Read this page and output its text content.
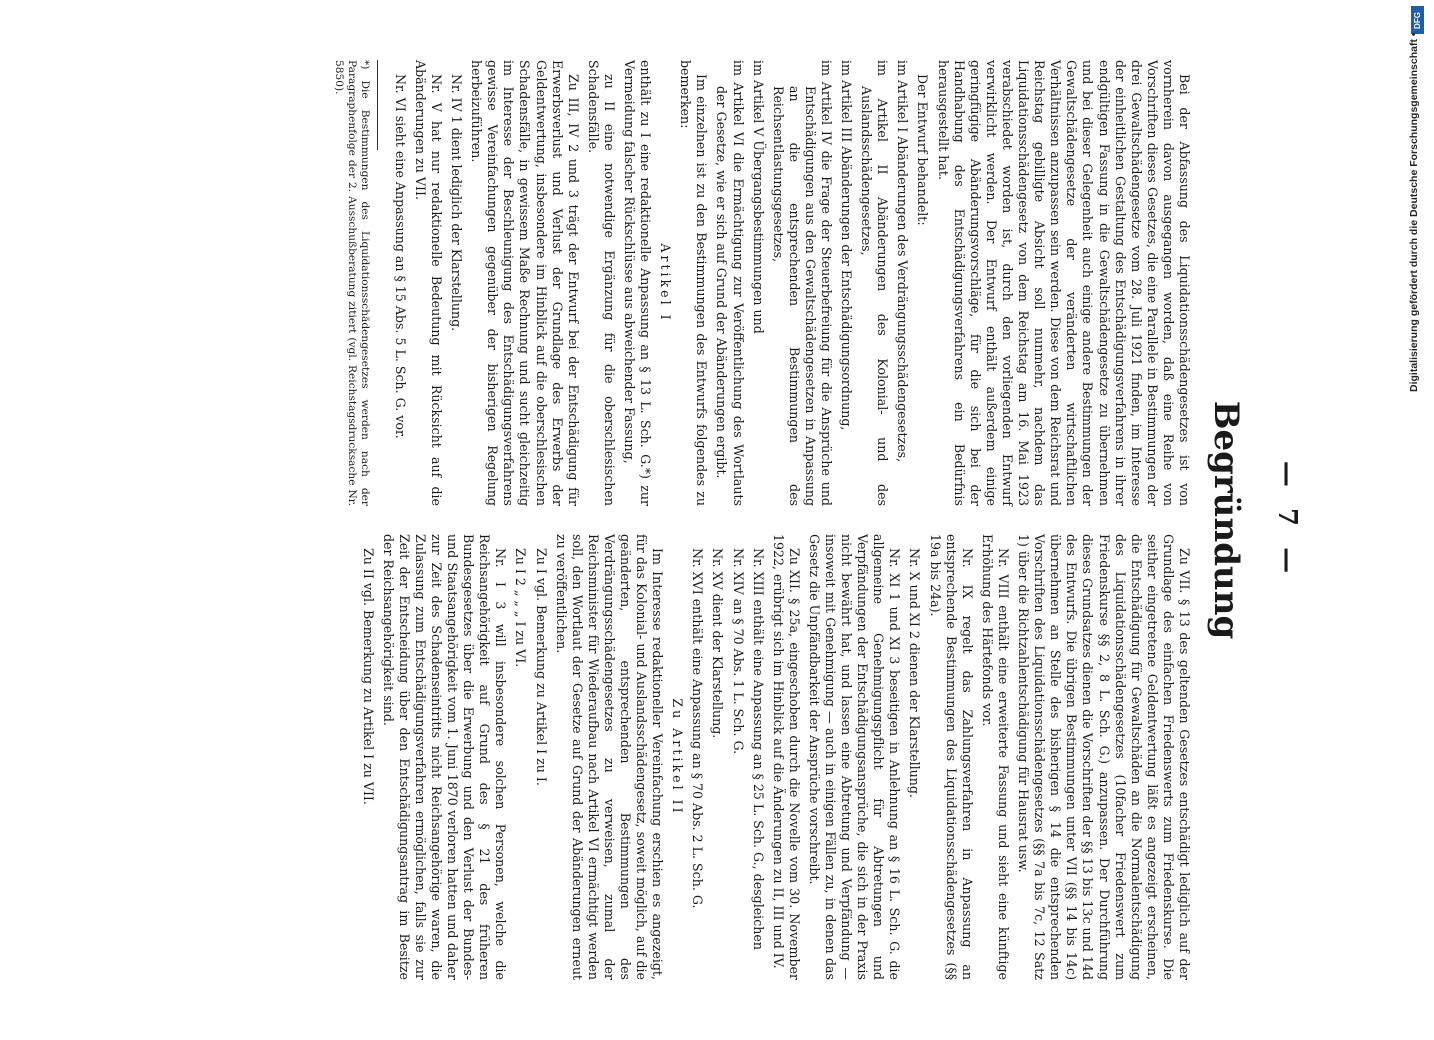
— 7 —
Begründung

Bei der Abfassung des Liquidationsschädengesetzes ist von vornherein davon ausgegangen worden, daß eine Reihe von Vorschriften dieses Gesetzes, die eine Parallele in Bestimmungen der drei Gewaltschädengesetze vom 28. Juli 1921 finden, im Interesse der einheitlichen Gestaltung des Entschädigungsverfahrens in ihrer endgültigen Fassung in die Gewaltschädengesetze zu übernehmen und bei dieser Gelegenheit auch einige andere Bestimmungen der Gewaltschädengesetze der veränderten wirtschaftlichen Verhältnissen anzupassen sein werden. Diese von dem Reichsrat und Reichstag gebilligte Absicht soll nunmehr, nachdem das Liquidationsschädengesetz von dem Reichstag am 16. Mai 1923 verabschiedet worden ist, durch den vorliegenden Entwurf verwirklicht werden. Der Entwurf enthält außerdem einige geringfügige Abänderungsvorschläge, für die sich bei der Handhabung des Entschädigungsverfahrens ein Bedürfnis herausgestellt hat.

Der Entwurf behandelt:

im Artikel I Abänderungen des Verdrängungsschädengesetzes,
im Artikel II Abänderungen des Kolonial- und des Auslandsschädengesetzes,
im Artikel III Abänderungen der Entschädigungsordnung,
im Artikel IV die Frage der Steuerbefreiung für die Ansprüche und Entschädigungen aus den Gewaltschädengesetzen in Anpassung an die entsprechenden Bestimmungen des Reichsentlastungsgesetzes,
im Artikel V Übergangsbestimmungen und
im Artikel VI die Ermächtigung zur Veröffentlichung des Wortlauts der Gesetze, wie er sich auf Grund der Abänderungen ergibt.

Im einzelnen ist zu den Bestimmungen des Entwurfs folgendes zu bemerken:

Artikel I

enthält zu I eine redaktionelle Anpassung an § 13 L. Sch. G.*) zur Vermeidung falscher Rückschlüsse aus abweichender Fassung,

zu II eine notwendige Ergänzung für die oberschlesischen Schadensfälle.

Zu III, IV 2 und 3 trägt der Entwurf bei der Entschädigung für Erwerbsverlust und Verlust der Grundlage des Erwerbs der Geldentwertung, insbesondere im Hinblick auf die oberschlesischen Schadensfälle, in gewissem Maße Rechnung und sucht gleichzeitig im Interesse der Beschleunigung des Entschädigungsverfahrens gewisse Vereinfachungen gegenüber der bisherigen Regelung herbeizuführen.

Nr. IV 1 dient lediglich der Klarstellung.

Nr. V hat nur redaktionelle Bedeutung mit Rücksicht auf die Abänderungen zu VII.

Nr. VI sieht eine Anpassung an § 15 Abs. 5 L. Sch. G. vor.

*) Die Bestimmungen des Liquidationsschädengesetzes werden nach der Paragraphenfolge der 2. Ausschußberatung zitiert (vgl. Reichstagsdrucksache Nr. 5850).

Zu VII. § 13 des geltenden Gesetzes entschädigt lediglich auf der Grundlage des einfachen Friedenswerts zum Friedenskurse. Die seither eingetretene Geldentwertung läßt es angezeigt erscheinen, die Entschädigung für Gewaltschäden an die Normalentschädigung des Liquidationsschädengesetzes (10facher Friedenswert zum Friedenskurse §§ 2, 8 L. Sch. G.) anzupassen. Der Durchführung dieses Grundsatzes dienen die Vorschriften der §§ 13 bis 13c und 14d des Entwurfs. Die übrigen Bestimmungen unter VII (§§ 14 bis 14c) übernehmen an Stelle des bisherigen § 14 die entsprechenden Vorschriften des Liquidationsschädengesetzes (§§ 7a bis 7c, 12 Satz 1) über die Richtzahlentschädigung für Hausrat usw.

Nr. VIII enthält eine erweiterte Fassung und sieht eine künftige Erhöhung des Härtefonds vor.

Nr. IX regelt das Zahlungsverfahren in Anpassung an entsprechende Bestimmungen des Liquidationsschädengesetzes (§§ 19a bis 24a).

Nr. X und XI 2 dienen der Klarstellung.

Nr. XI 1 und XI 3 beseitigen in Anlehnung an § 16 L. Sch. G. die allgemeine Genehmigungspflicht für Abtretungen und Verpfändungen der Entschädigungsansprüche, die sich in der Praxis nicht bewährt hat, und lassen eine Abtretung und Verpfändung — insoweit mit Genehmigung — auch in einigen Fällen zu, in denen das Gesetz die Unpfändbarkeit der Ansprüche vorschreibt.

Zu XII. § 25a, eingeschoben durch die Novelle vom 30. November 1922, erübrigt sich im Hinblick auf die Änderungen zu II, III und IV.

Nr. XIII enthält eine Anpassung an § 25 L. Sch. G., desgleichen

Nr. XIV an § 70 Abs. 1 L. Sch. G.

Nr. XV dient der Klarstellung.

Nr. XVI enthält eine Anpassung an § 70 Abs. 2 L. Sch. G.

Zu Artikel II

Im Interesse redaktioneller Vereinfachung erschien es angezeigt, für das Kolonial- und Auslandsschädengesetz, soweit möglich, auf die geänderten, entsprechenden Bestimmungen des Verdrängungsschädengesetzes zu verweisen, zumal der Reichsminister für Wiederaufbau nach Artikel VI ermächtigt werden soll, den Wortlaut der Gesetze auf Grund der Abänderungen erneut zu veröffentlichen.

Zu I vgl. Bemerkung zu Artikel I zu I.

Zu I 2 „ „ „ I zu VI.

Nr. I 3 will insbesondere solchen Personen, welche die Reichsangehörigkeit auf Grund des § 21 des früheren Bundesgesetzes über die Erwerbung und den Verlust der Bundes- und Staatsangehörigkeit vom 1. Juni 1870 verloren hatten und daher zur Zeit des Schadenseintritts nicht Reichsangehörige waren, die Zulassung zum Entschädigungsverfahren ermöglichen, falls sie zur Zeit der Entscheidung über den Entschädigungsantrag im Besitze der Reichsangehörigkeit sind.

Zu II vgl. Bemerkung zu Artikel I zu VII.

DFG
Digitalisierung gefördert durch die Deutsche Forschungsgemeinschaft •
